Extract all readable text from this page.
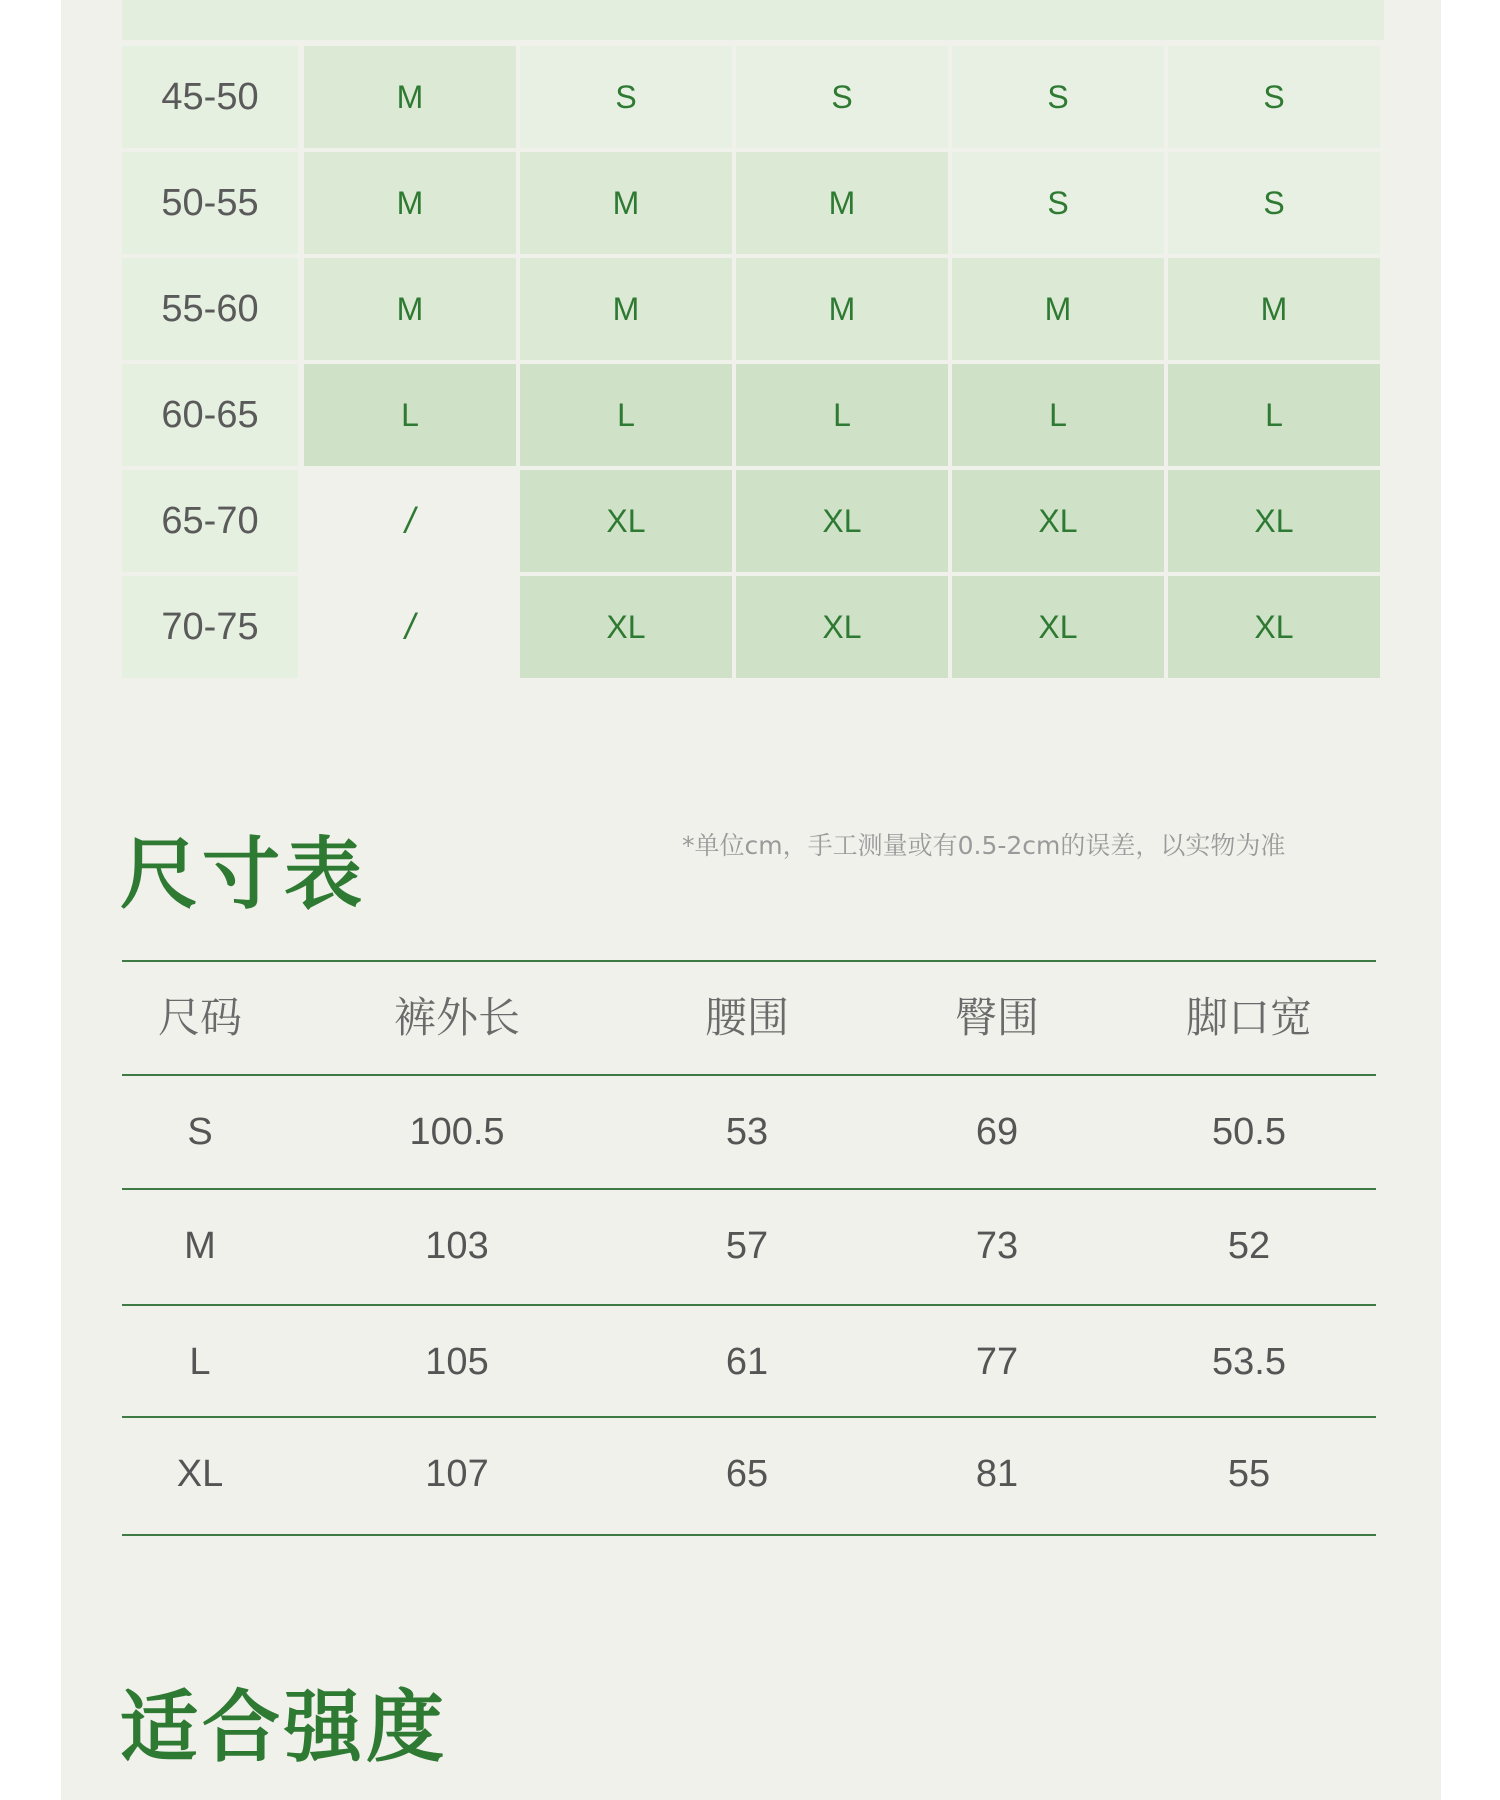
45-50	M	S	S	S	S
50-55	M	M	M	S	S
55-60	M	M	M	M	M
60-65	L	L	L	L	L
65-70	/	XL	XL	XL	XL
70-75	/	XL	XL	XL	XL
尺寸表	*单位cm，手工测量或有0.5-2cm的误差，以实物为准
尺码	裤外长	腰围	臀围	脚口宽
S	100.5	53	69	50.5
M	103	57	73	52
L	105	61	77	53.5
XL	107	65	81	55
适合强度
